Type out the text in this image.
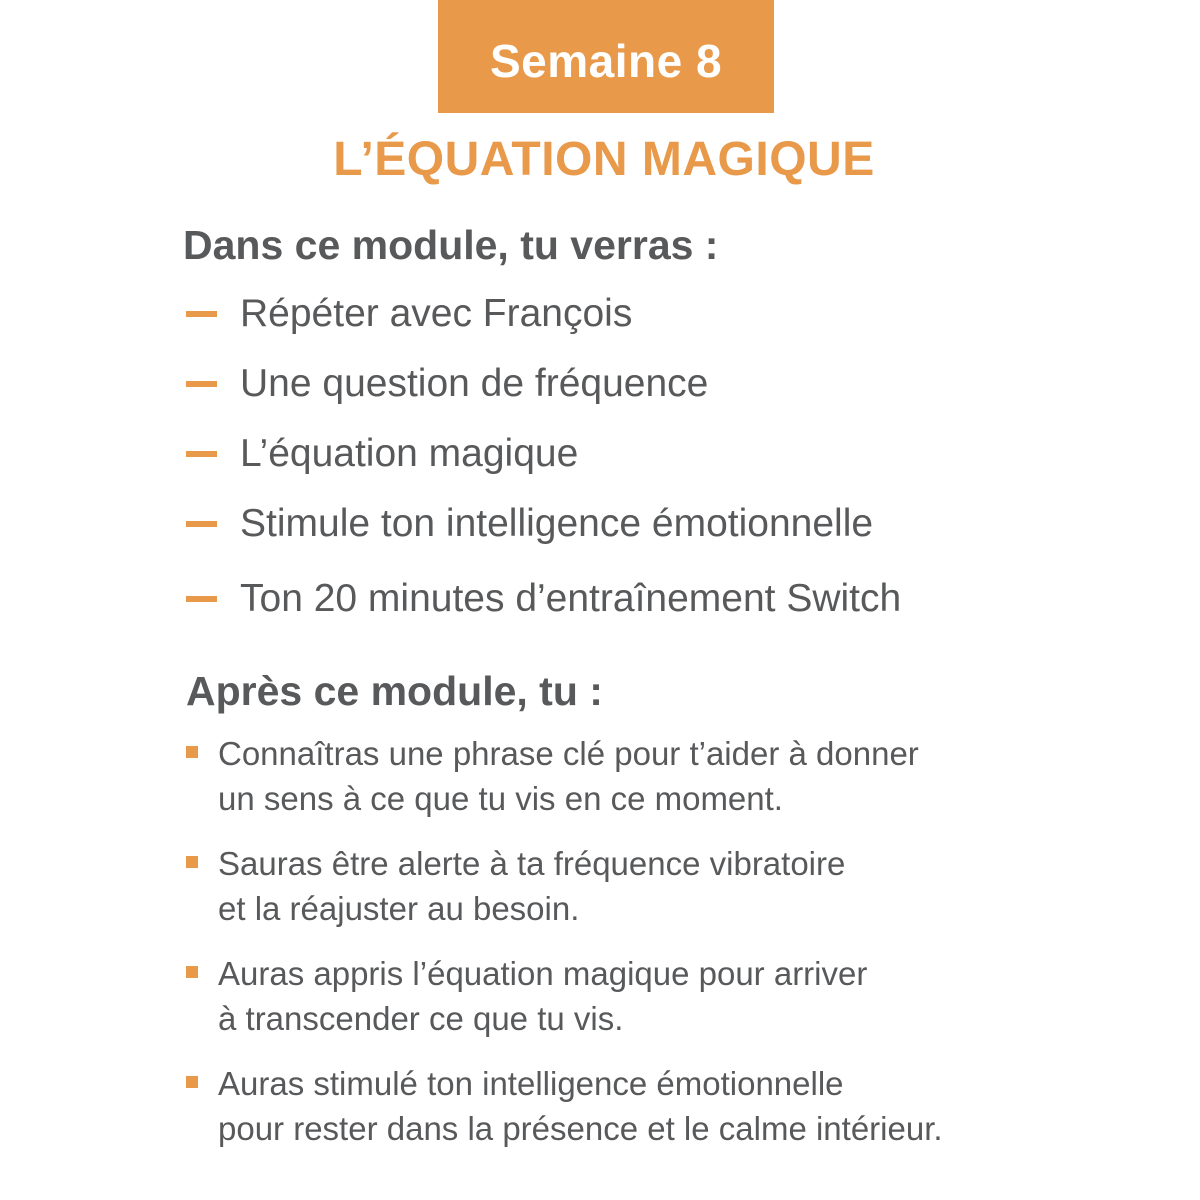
Semaine 8
L’ÉQUATION MAGIQUE
Dans ce module, tu verras :
Répéter avec François
Une question de fréquence
L’équation magique
Stimule ton intelligence émotionnelle
Ton 20 minutes d’entraînement Switch
Après ce module, tu :
Connaîtras une phrase clé pour t’aider à donner
un sens à ce que tu vis en ce moment.
Sauras être alerte à ta fréquence vibratoire
et la réajuster au besoin.
Auras appris l’équation magique pour arriver
à transcender ce que tu vis.
Auras stimulé ton intelligence émotionnelle
pour rester dans la présence et le calme intérieur.
